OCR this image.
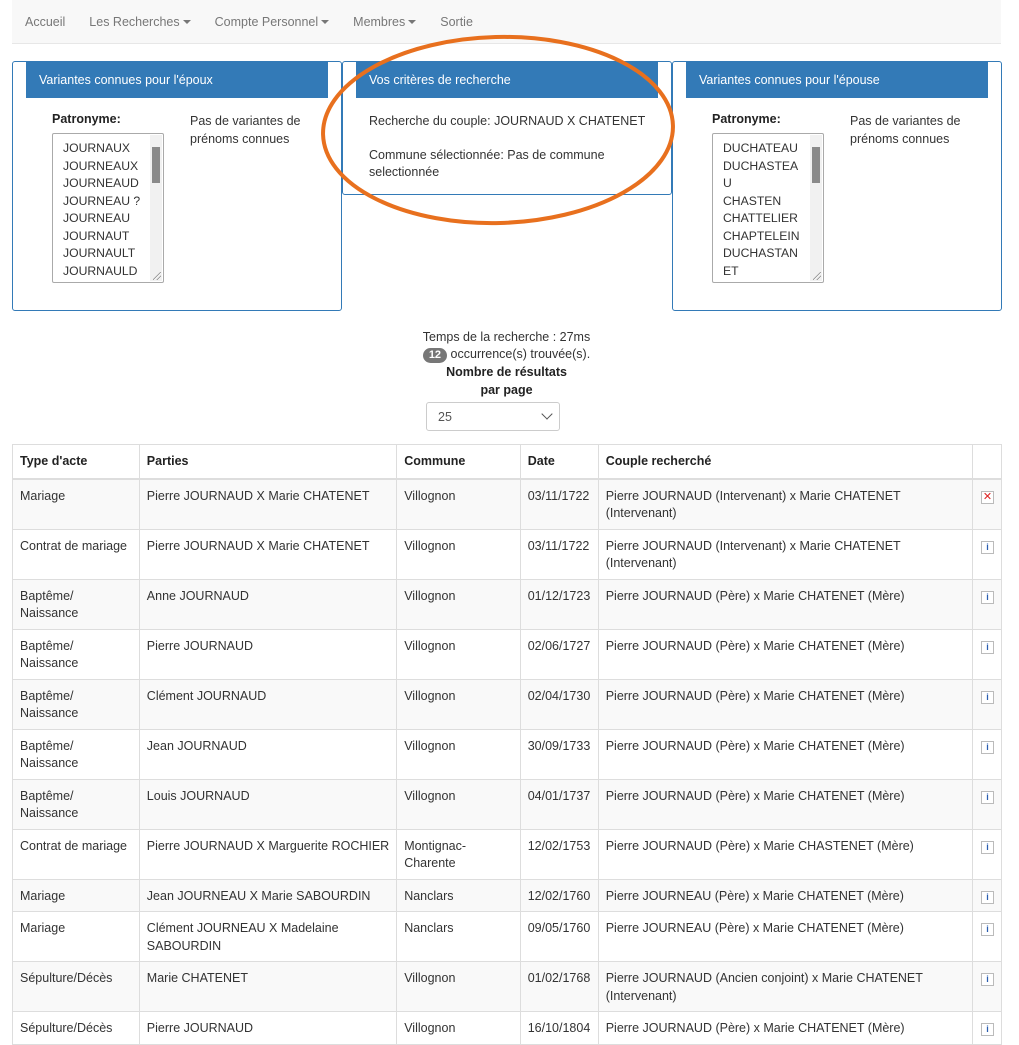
Accueil	Les Recherches	Compte Personnel	Membres	Sortie
Variantes connues pour l'époux
Patronyme:
JOURNAUX
JOURNEAUX
JOURNEAUD
JOURNEAU ?
JOURNEAU
JOURNAUT
JOURNAULT
JOURNAULD
Pas de variantes de prénoms connues
Vos critères de recherche
Recherche du couple: JOURNAUD X CHATENET
Commune sélectionnée: Pas de commune selectionnée
Variantes connues pour l'épouse
Patronyme:
DUCHATEAU
DUCHASTEAU
CHASTEN
CHATTELIER
CHAPTELEIN
DUCHASTANET
Pas de variantes de prénoms connues
Temps de la recherche : 27ms
12 occurrence(s) trouvée(s).
Nombre de résultats
par page
25
Type d'acte	Parties	Commune	Date	Couple recherché	
Mariage	Pierre JOURNAUD X Marie CHATENET	Villognon	03/11/1722	Pierre JOURNAUD (Intervenant) x Marie CHATENET (Intervenant)	✕
Contrat de mariage	Pierre JOURNAUD X Marie CHATENET	Villognon	03/11/1722	Pierre JOURNAUD (Intervenant) x Marie CHATENET (Intervenant)	i
Baptême/ Naissance	Anne JOURNAUD	Villognon	01/12/1723	Pierre JOURNAUD (Père) x Marie CHATENET (Mère)	i
Baptême/ Naissance	Pierre JOURNAUD	Villognon	02/06/1727	Pierre JOURNAUD (Père) x Marie CHATENET (Mère)	i
Baptême/ Naissance	Clément JOURNAUD	Villognon	02/04/1730	Pierre JOURNAUD (Père) x Marie CHATENET (Mère)	i
Baptême/ Naissance	Jean JOURNAUD	Villognon	30/09/1733	Pierre JOURNAUD (Père) x Marie CHATENET (Mère)	i
Baptême/ Naissance	Louis JOURNAUD	Villognon	04/01/1737	Pierre JOURNAUD (Père) x Marie CHATENET (Mère)	i
Contrat de mariage	Pierre JOURNAUD X Marguerite ROCHIER	Montignac-Charente	12/02/1753	Pierre JOURNAUD (Père) x Marie CHASTENET (Mère)	i
Mariage	Jean JOURNEAU X Marie SABOURDIN	Nanclars	12/02/1760	Pierre JOURNEAU (Père) x Marie CHATENET (Mère)	i
Mariage	Clément JOURNEAU X Madelaine SABOURDIN	Nanclars	09/05/1760	Pierre JOURNEAU (Père) x Marie CHATENET (Mère)	i
Sépulture/Décès	Marie CHATENET	Villognon	01/02/1768	Pierre JOURNAUD (Ancien conjoint) x Marie CHATENET (Intervenant)	i
Sépulture/Décès	Pierre JOURNAUD	Villognon	16/10/1804	Pierre JOURNAUD (Père) x Marie CHATENET (Mère)	i
